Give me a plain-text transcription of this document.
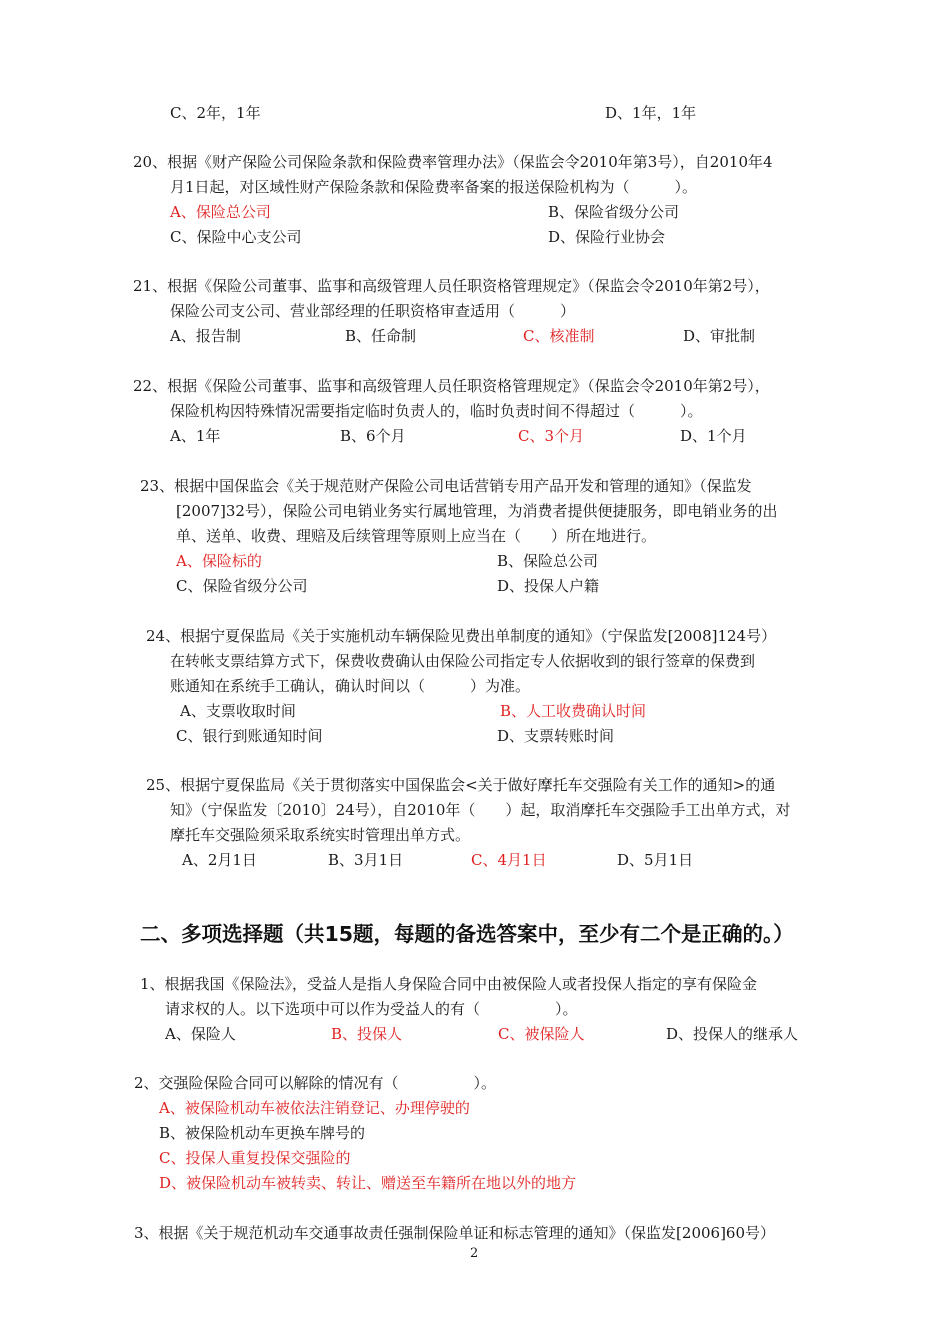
C、2年，1年	D、1年，1年
20、根据《财产保险公司保险条款和保险费率管理办法》（保监会令2010年第3号），自2010年4
月1日起，对区域性财产保险条款和保险费率备案的报送保险机构为（　　　）。
A、保险总公司	B、保险省级分公司
C、保险中心支公司	D、保险行业协会
21、根据《保险公司董事、监事和高级管理人员任职资格管理规定》（保监会令2010年第2号），
保险公司支公司、营业部经理的任职资格审查适用（　　　）
A、报告制	B、任命制	C、核准制	D、审批制
22、根据《保险公司董事、监事和高级管理人员任职资格管理规定》（保监会令2010年第2号），
保险机构因特殊情况需要指定临时负责人的，临时负责时间不得超过（　　　）。
A、1年	B、6个月	C、3个月	D、1个月
23、根据中国保监会《关于规范财产保险公司电话营销专用产品开发和管理的通知》（保监发
[2007]32号），保险公司电销业务实行属地管理，为消费者提供便捷服务，即电销业务的出
单、送单、收费、理赔及后续管理等原则上应当在（　　）所在地进行。
A、保险标的	B、保险总公司
C、保险省级分公司	D、投保人户籍
24、根据宁夏保监局《关于实施机动车辆保险见费出单制度的通知》（宁保监发[2008]124号）
在转帐支票结算方式下，保费收费确认由保险公司指定专人依据收到的银行签章的保费到
账通知在系统手工确认，确认时间以（　　　）为准。
A、支票收取时间	B、人工收费确认时间
C、银行到账通知时间	D、支票转账时间
25、根据宁夏保监局《关于贯彻落实中国保监会<关于做好摩托车交强险有关工作的通知>的通
知》（宁保监发〔2010〕24号），自2010年（　　）起，取消摩托车交强险手工出单方式，对
摩托车交强险须采取系统实时管理出单方式。
A、2月1日	B、3月1日	C、4月1日	D、5月1日
二、多项选择题（共15题，每题的备选答案中，至少有二个是正确的。）
1、根据我国《保险法》，受益人是指人身保险合同中由被保险人或者投保人指定的享有保险金
请求权的人。以下选项中可以作为受益人的有（　　　　　）。
A、保险人	B、投保人	C、被保险人	D、投保人的继承人
2、交强险保险合同可以解除的情况有（　　　　　）。
A、被保险机动车被依法注销登记、办理停驶的
B、被保险机动车更换车牌号的
C、投保人重复投保交强险的
D、被保险机动车被转卖、转让、赠送至车籍所在地以外的地方
3、根据《关于规范机动车交通事故责任强制保险单证和标志管理的通知》（保监发[2006]60号）
2
